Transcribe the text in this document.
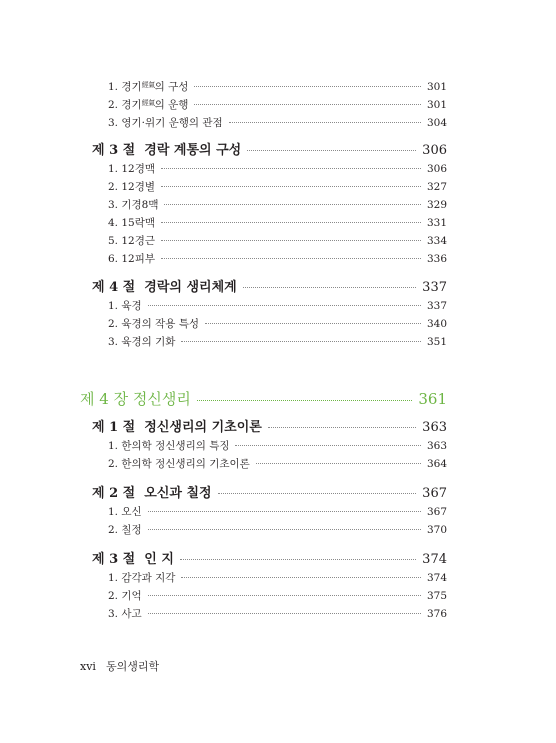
1. 경기$^{經氣}$의 구성	301
2. 경기$^{經氣}$의 운행	301
3. 영기·위기 운행의 관점	304
제 3 절 경락 계통의 구성	306
1. 12경맥	306
2. 12경별	327
3. 기경8맥	329
4. 15락맥	331
5. 12경근	334
6. 12피부	336
제 4 절 경락의 생리체계	337
1. 육경	337
2. 육경의 작용 특성	340
3. 육경의 기화	351
제 4 장 정신생리	361
제 1 절 정신생리의 기초이론	363
1. 한의학 정신생리의 특징	363
2. 한의학 정신생리의 기초이론	364
제 2 절 오신과 칠정	367
1. 오신	367
2. 칠정	370
제 3 절 인 지	374
1. 감각과 지각	374
2. 기억	375
3. 사고	376
xvi 동의생리학
